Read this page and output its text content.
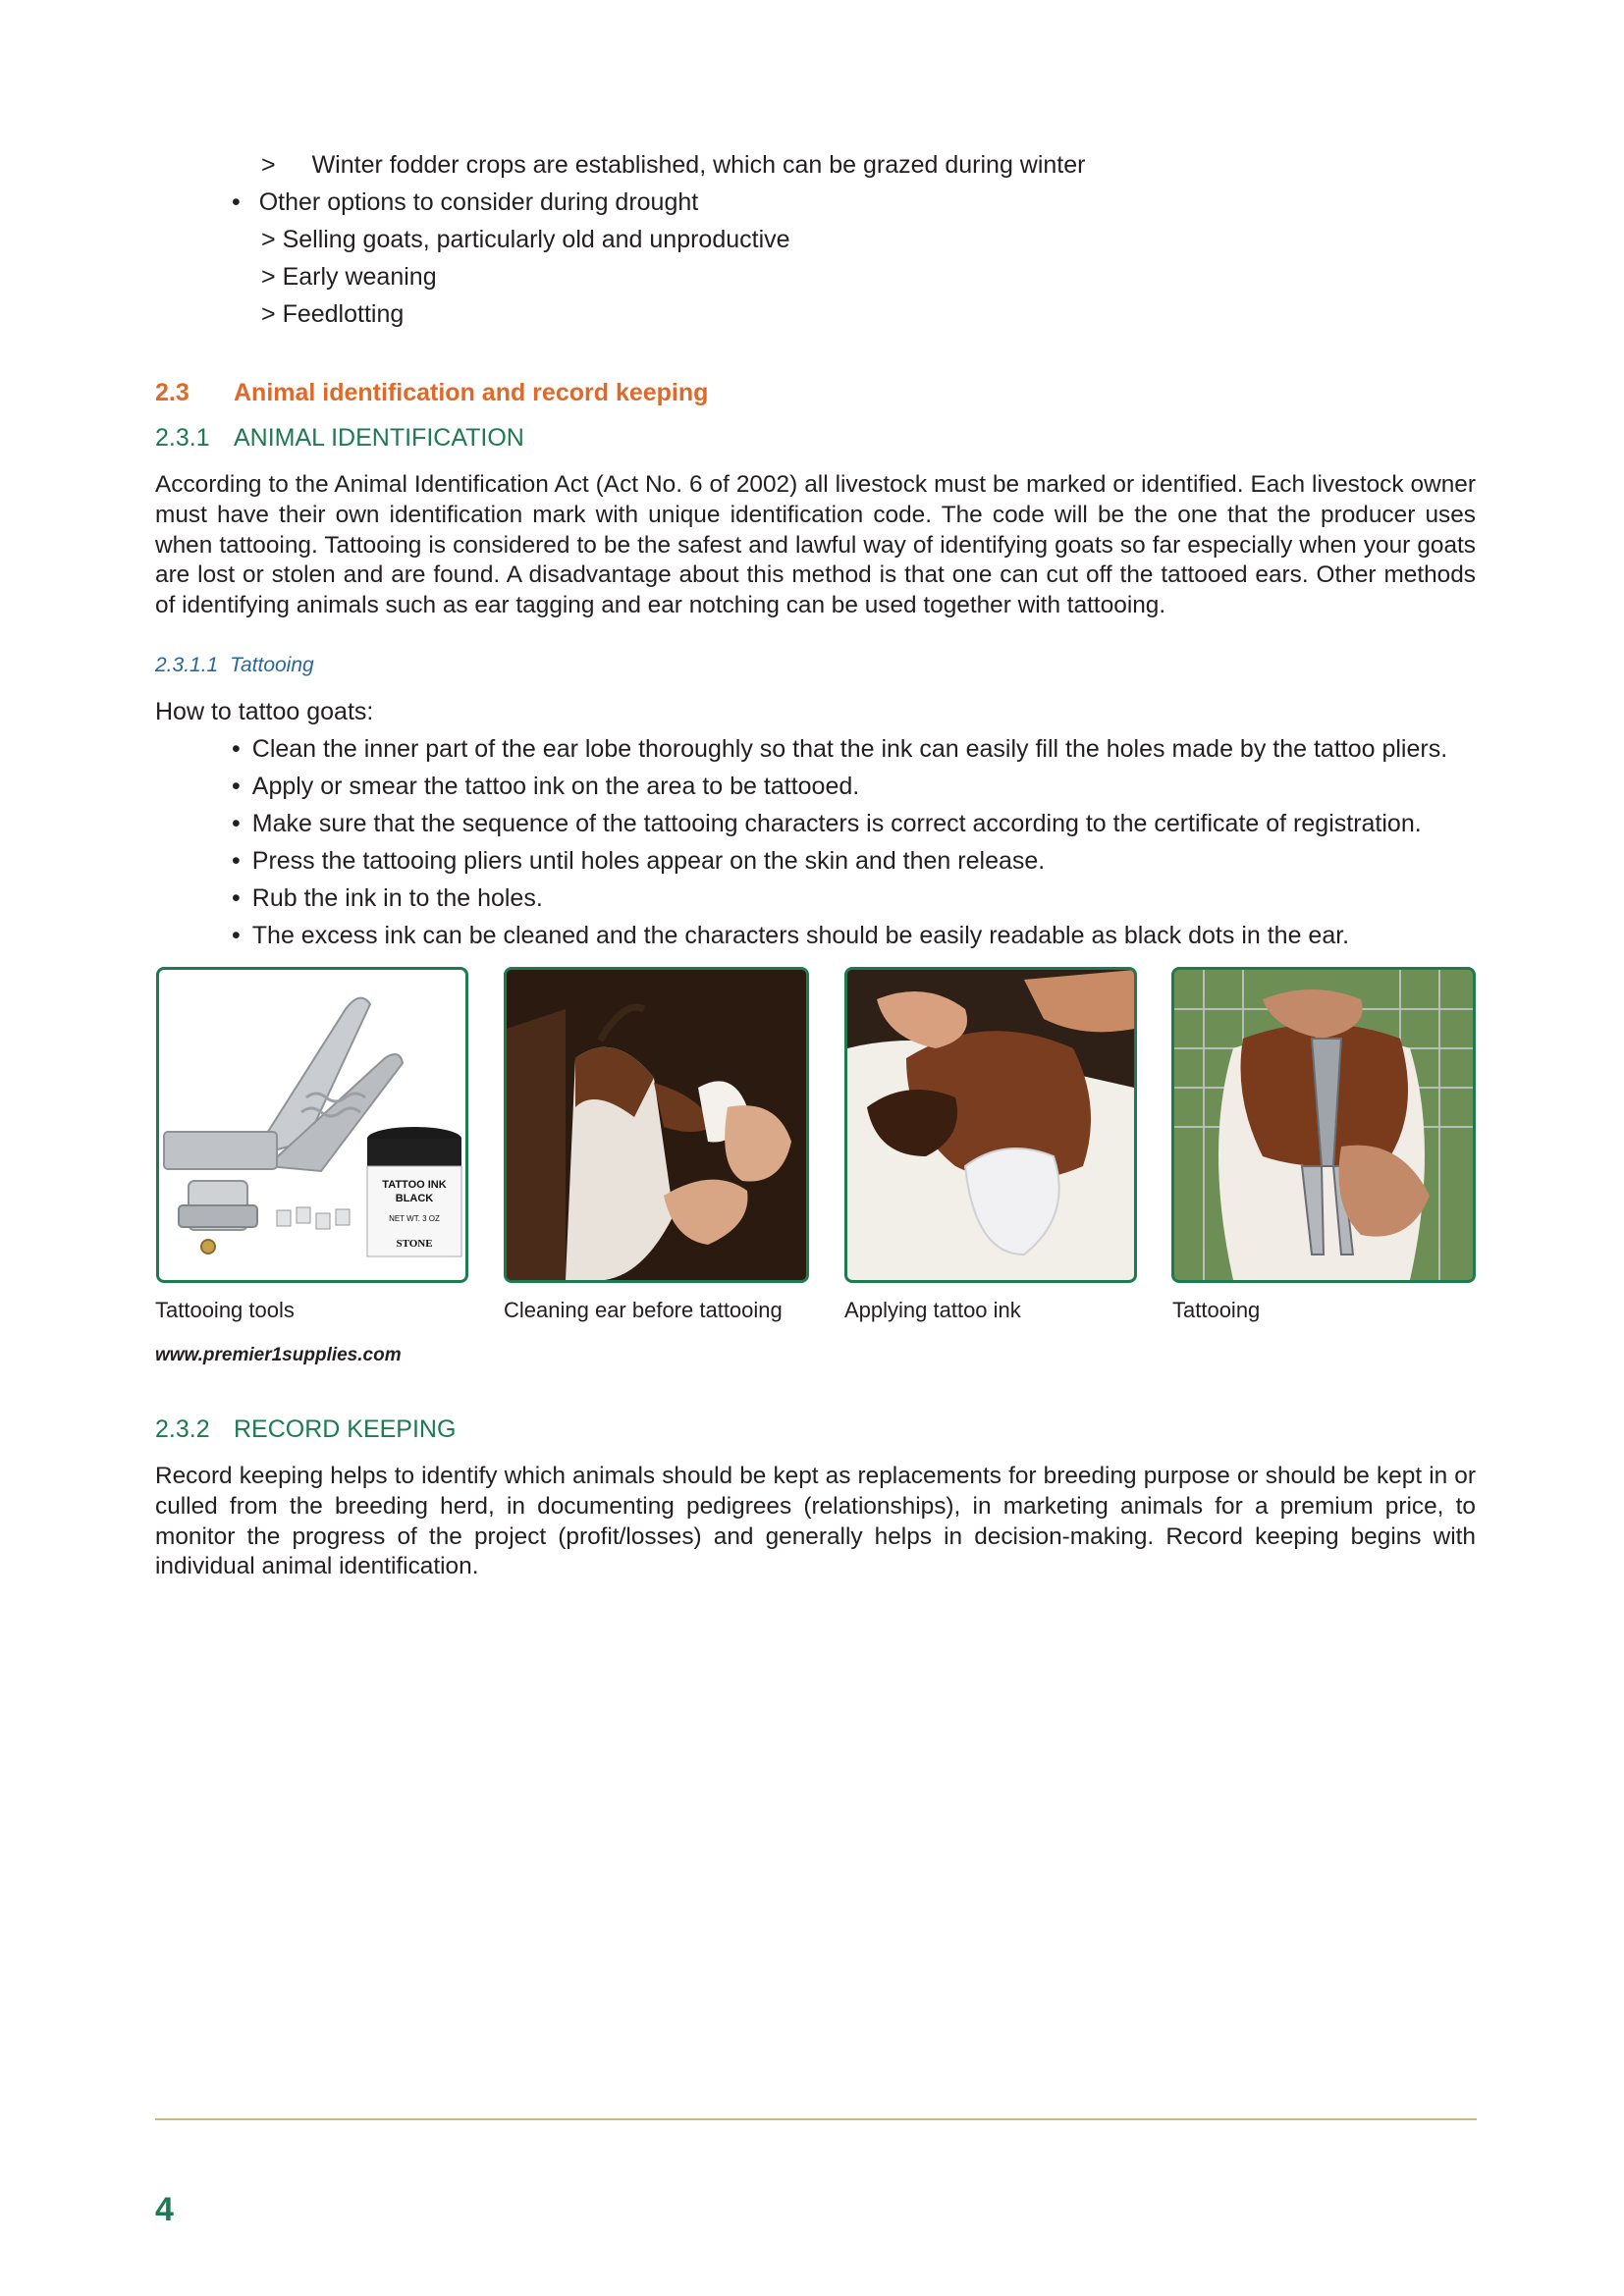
> Winter fodder crops are established, which can be grazed during winter
• Other options to consider during drought
> Selling goats, particularly old and unproductive
> Early weaning
> Feedlotting
2.3 Animal identification and record keeping
2.3.1 ANIMAL IDENTIFICATION
According to the Animal Identification Act (Act No. 6 of 2002) all livestock must be marked or identified. Each livestock owner must have their own identification mark with unique identification code. The code will be the one that the producer uses when tattooing. Tattooing is considered to be the safest and lawful way of identifying goats so far especially when your goats are lost or stolen and are found. A disadvantage about this method is that one can cut off the tattooed ears. Other methods of identifying animals such as ear tagging and ear notching can be used together with tattooing.
2.3.1.1 Tattooing
How to tattoo goats:
• Clean the inner part of the ear lobe thoroughly so that the ink can easily fill the holes made by the tattoo pliers.
• Apply or smear the tattoo ink on the area to be tattooed.
• Make sure that the sequence of the tattooing characters is correct according to the certificate of registration.
• Press the tattooing pliers until holes appear on the skin and then release.
• Rub the ink in to the holes.
• The excess ink can be cleaned and the characters should be easily readable as black dots in the ear.
TATTOO INK
BLACK
NET WT. 3 OZ
STONE
Tattooing tools	Cleaning ear before tattooing	Applying tattoo ink	Tattooing
www.premier1supplies.com
2.3.2 RECORD KEEPING
Record keeping helps to identify which animals should be kept as replacements for breeding purpose or should be kept in or culled from the breeding herd, in documenting pedigrees (relationships), in marketing animals for a premium price, to monitor the progress of the project (profit/losses) and generally helps in decision-making. Record keeping begins with individual animal identification.
4
